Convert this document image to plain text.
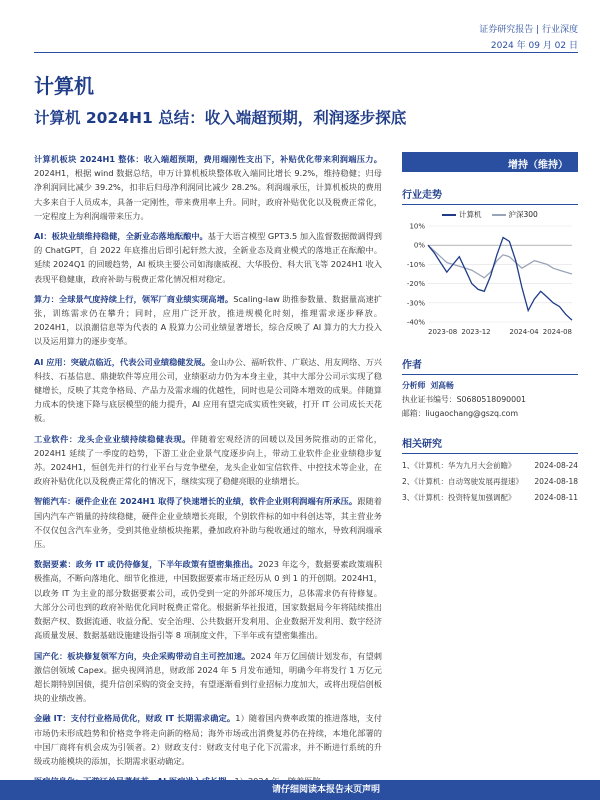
证券研究报告 | 行业深度
2024 年 09 月 02 日
计算机
计算机 2024H1 总结：收入端超预期，利润逐步探底
计算机板块 2024H1 整体：收入端超预期，费用端刚性支出下，补贴优化带来利润端压力。2024H1，根据 wind 数据总结，申万计算机板块整体收入端同比增长 9.2%，维持稳健；归母净利润同比减少 39.2%，扣非后归母净利润同比减少 28.2%。利润端承压，计算机板块的费用大多来自于人员成本，具备一定刚性，带来费用率上升。同时，政府补贴优化以及税费正常化，一定程度上为利润端带来压力。
AI：板块业绩维持稳健，全新业态落地酝酿中。基于大语言模型 GPT3.5 加入监督数据微调得到的 ChatGPT，自 2022 年底推出后即引起轩然大波，全新业态及商业模式的落地正在酝酿中。延续 2024Q1 的回暖趋势，AI 板块主要公司如海康威视、大华股份、科大讯飞等 2024H1 收入表现平稳健康，政府补助与税费正常化情况相对稳定。
算力：全球景气度持续上行，领军厂商业绩实现高增。Scaling-law 助推参数量、数据量高速扩张，训练需求仍在攀升；同时，应用广泛开放，推进规模化时刻，推理需求逐步释放。2024H1，以浪潮信息等为代表的 A 股算力公司业绩显著增长，综合反映了 AI 算力的大力投入以及运用算力的逐步变革。
AI 应用：突破点临近，代表公司业绩稳健发展。金山办公、福昕软件、广联达、用友网络、万兴科技、石基信息、鼎捷软件等应用公司，业绩驱动力仍为本身主业，其中大部分公司示实现了稳健增长，反映了其竞争格局、产品力及需求端的优越性，同时也是公司降本增效的成果。伴随算力成本的快速下降与底层模型的能力提升，AI 应用有望完成实质性突破，打开 IT 公司成长天花板。
工业软件：龙头企业业绩持续稳健表现。伴随着宏观经济的回暖以及国务院推动的正常化，2024H1 延续了一季度的趋势，下游工业企业景气度逐步向上，带动工业软件企业业绩稳步复苏。2024H1，恒创先并行的行业平台与竞争壁垒，龙头企业如宝信软件、中控技术等企业，在政府补贴优化以及税费正常化的情况下，继续实现了稳健亮眼的业绩增长。
智能汽车：硬件企业在 2024H1 取得了快速增长的业绩，软件企业则利润端有所承压。跟随着国内汽车产销量的持续稳健，硬件企业业绩增长亮眼，个别软件标的如中科创达等，其主营业务不仅仅包含汽车业务，受到其他业绩板块拖累，叠加政府补助与税收通过的缩水，导致利润端承压。
数据要素：政务 IT 或仍待修复，下半年政策有望密集推出。2023 年迄今，数据要素政策端积极推高，不断向落地化、细节化推进，中国数据要素市场正经历从 0 到 1 的开创期。2024H1，以政务 IT 为主业的部分数据要素公司，或仍受到一定的外部环境压力，总体需求仍有待修复。大部分公司也到的政府补贴优化同时税费正常化。根据新华社报道，国家数据局今年将陆续推出数据产权、数据流通、收益分配、安全治理、公共数据开发利用、企业数据开发利用、数字经济高质量发展、数据基础设施建设指引等 8 项制度文件，下半年或有望密集推出。
国产化：板块修复领军方向，央企采购带动自主可控加速。2024 年万亿国债计划发布，有望刺激信创领域 Capex。据央视网消息，财政部 2024 年 5 月发布通知，明确今年将发行 1 万亿元超长期特别国债，提升信创采购的资金支持，有望逐渐看到行业招标力度加大，或将出现信创板块的业绩改善。
金融 IT：支付行业格局优化，财政 IT 长期需求确定。1）随着国内费率政策的推进落地，支付市场仍未形成趋势和价格竞争将走向新的格局；海外市场或出消费复苏仍在持续，本地化部署的中国厂商将有机会成为引领者。2）财政支付：财政支付电子化下沉需求，并不断进行系统的升级或功能模块的添加，长期需求驱动确定。
增持（维持）
行业走势
计算机	沪深300
10%
0%
-10%
-20%
-30%
-40%
2023-08 2023-12	2024-04 2024-08
作者
分析师 刘高畅
执业证书编号：S0680518090001
邮箱：liugaochang@gszq.com
相关研究
1、《计算机：华为九月大会前瞻》	2024-08-24
2、《计算机：自动驾驶发展再提速》 2024-08-18
3、《计算机：投资特复加强调配》	2024-08-11
请仔细阅读本报告末页声明
